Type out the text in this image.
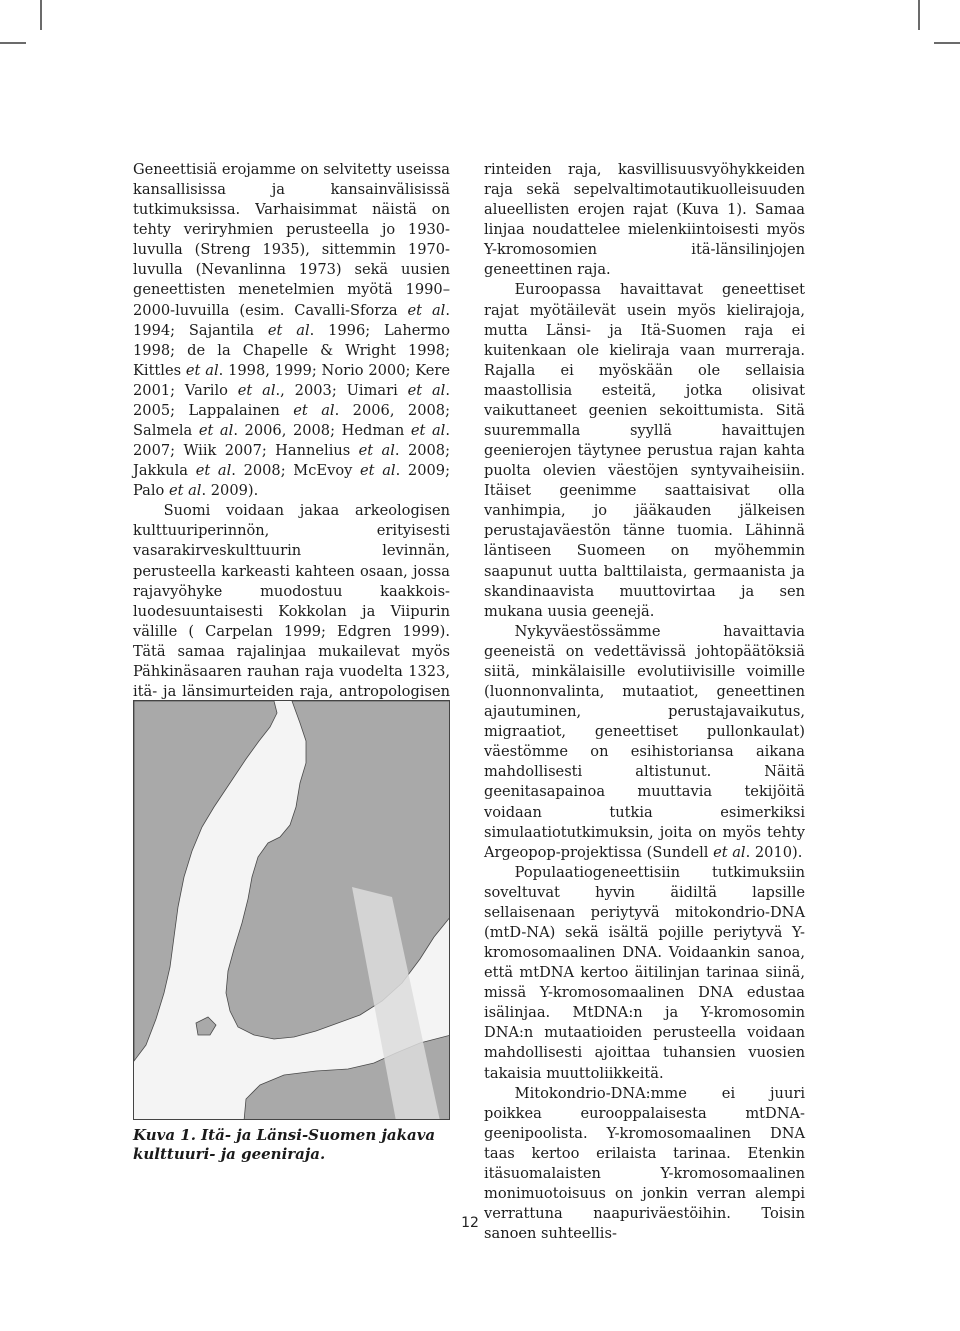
Geneettisiä erojamme on selvitetty useissa kansallisissa ja kansainvälisissä tutkimuksissa. Varhaisimmat näistä on tehty veriryhmien perusteella jo 1930-luvulla (Streng 1935), sittemmin 1970-luvulla (Nevanlinna 1973) sekä uusien geneettisten menetelmien myötä 1990–2000-luvuilla (esim. Cavalli-Sforza et al. 1994; Sajantila et al. 1996; Lahermo 1998; de la Chapelle & Wright 1998; Kittles et al. 1998, 1999; Norio 2000; Kere 2001; Varilo et al., 2003; Uimari et al. 2005; Lappalainen et al. 2006, 2008; Salmela et al. 2006, 2008; Hedman et al. 2007; Wiik 2007; Hannelius et al. 2008; Jakkula et al. 2008; McEvoy et al. 2009; Palo et al. 2009).

Suomi voidaan jakaa arkeologisen kulttuuriperinnön, erityisesti vasarakirveskulttuurin levinnän, perusteella karkeasti kahteen osaan, jossa rajavyöhyke muodostuu kaakkois-luodesuuntaisesti Kokkolan ja Viipurin välille ( Carpelan 1999; Edgren 1999). Tätä samaa rajalinjaa mukailevat myös Pähkinäsaaren rauhan raja vuodelta 1323, itä- ja länsimurteiden raja, antropologisen

Kuva 1. Itä- ja Länsi-Suomen jakava kulttuuri- ja geeniraja.

rinteiden raja, kasvillisuusvyöhykkeiden raja sekä sepelvaltimotautikuolleisuuden alueellisten erojen rajat (Kuva 1). Samaa linjaa noudattelee mielenkiintoisesti myös Y-kromosomien itä-länsilinjojen geneettinen raja.

Euroopassa havaittavat geneettiset rajat myötäilevät usein myös kielirajoja, mutta Länsi- ja Itä-Suomen raja ei kuitenkaan ole kieliraja vaan murreraja. Rajalla ei myöskään ole sellaisia maastollisia esteitä, jotka olisivat vaikuttaneet geenien sekoittumista. Sitä suuremmalla syyllä havaittujen geenierojen täytynee perustua rajan kahta puolta olevien väestöjen syntyvaiheisiin. Itäiset geenimme saattaisivat olla vanhimpia, jo jääkauden jälkeisen perustajaväestön tänne tuomia. Lähinnä läntiseen Suomeen on myöhemmin saapunut uutta balttilaista, germaanista ja skandinaavista muuttovirtaa ja sen mukana uusia geenejä.

Nykyväestössämme havaittavia geeneistä on vedettävissä johtopäätöksiä siitä, minkälaisille evolutiivisille voimille (luonnonvalinta, mutaatiot, geneettinen ajautuminen, perustajavaikutus, migraatiot, geneettiset pullonkaulat) väestömme on esihistoriansa aikana mahdollisesti altistunut. Näitä geenitasapainoa muuttavia tekijöitä voidaan tutkia esimerkiksi simulaatiotutkimuksin, joita on myös tehty Argeopop-projektissa (Sundell et al. 2010).

Populaatiogeneettisiin tutkimuksiin soveltuvat hyvin äidiltä lapsille sellaisenaan periytyvä mitokondrio-DNA (mtD-NA) sekä isältä pojille periytyvä Y-kromosomaalinen DNA. Voidaankin sanoa, että mtDNA kertoo äitilinjan tarinaa siinä, missä Y-kromosomaalinen DNA edustaa isälinjaa. MtDNA:n ja Y-kromosomin DNA:n mutaatioiden perusteella voidaan mahdollisesti ajoittaa tuhansien vuosien takaisia muuttoliikkeitä.

Mitokondrio-DNA:mme ei juuri poikkea eurooppalaisesta mtDNA-geenipoolista. Y-kromosomaalinen DNA taas kertoo erilaista tarinaa. Etenkin itäsuomalaisten Y-kromosomaalinen monimuotoisuus on jonkin verran alempi verrattuna naapuriväestöihin. Toisin sanoen suhteellis-

12
